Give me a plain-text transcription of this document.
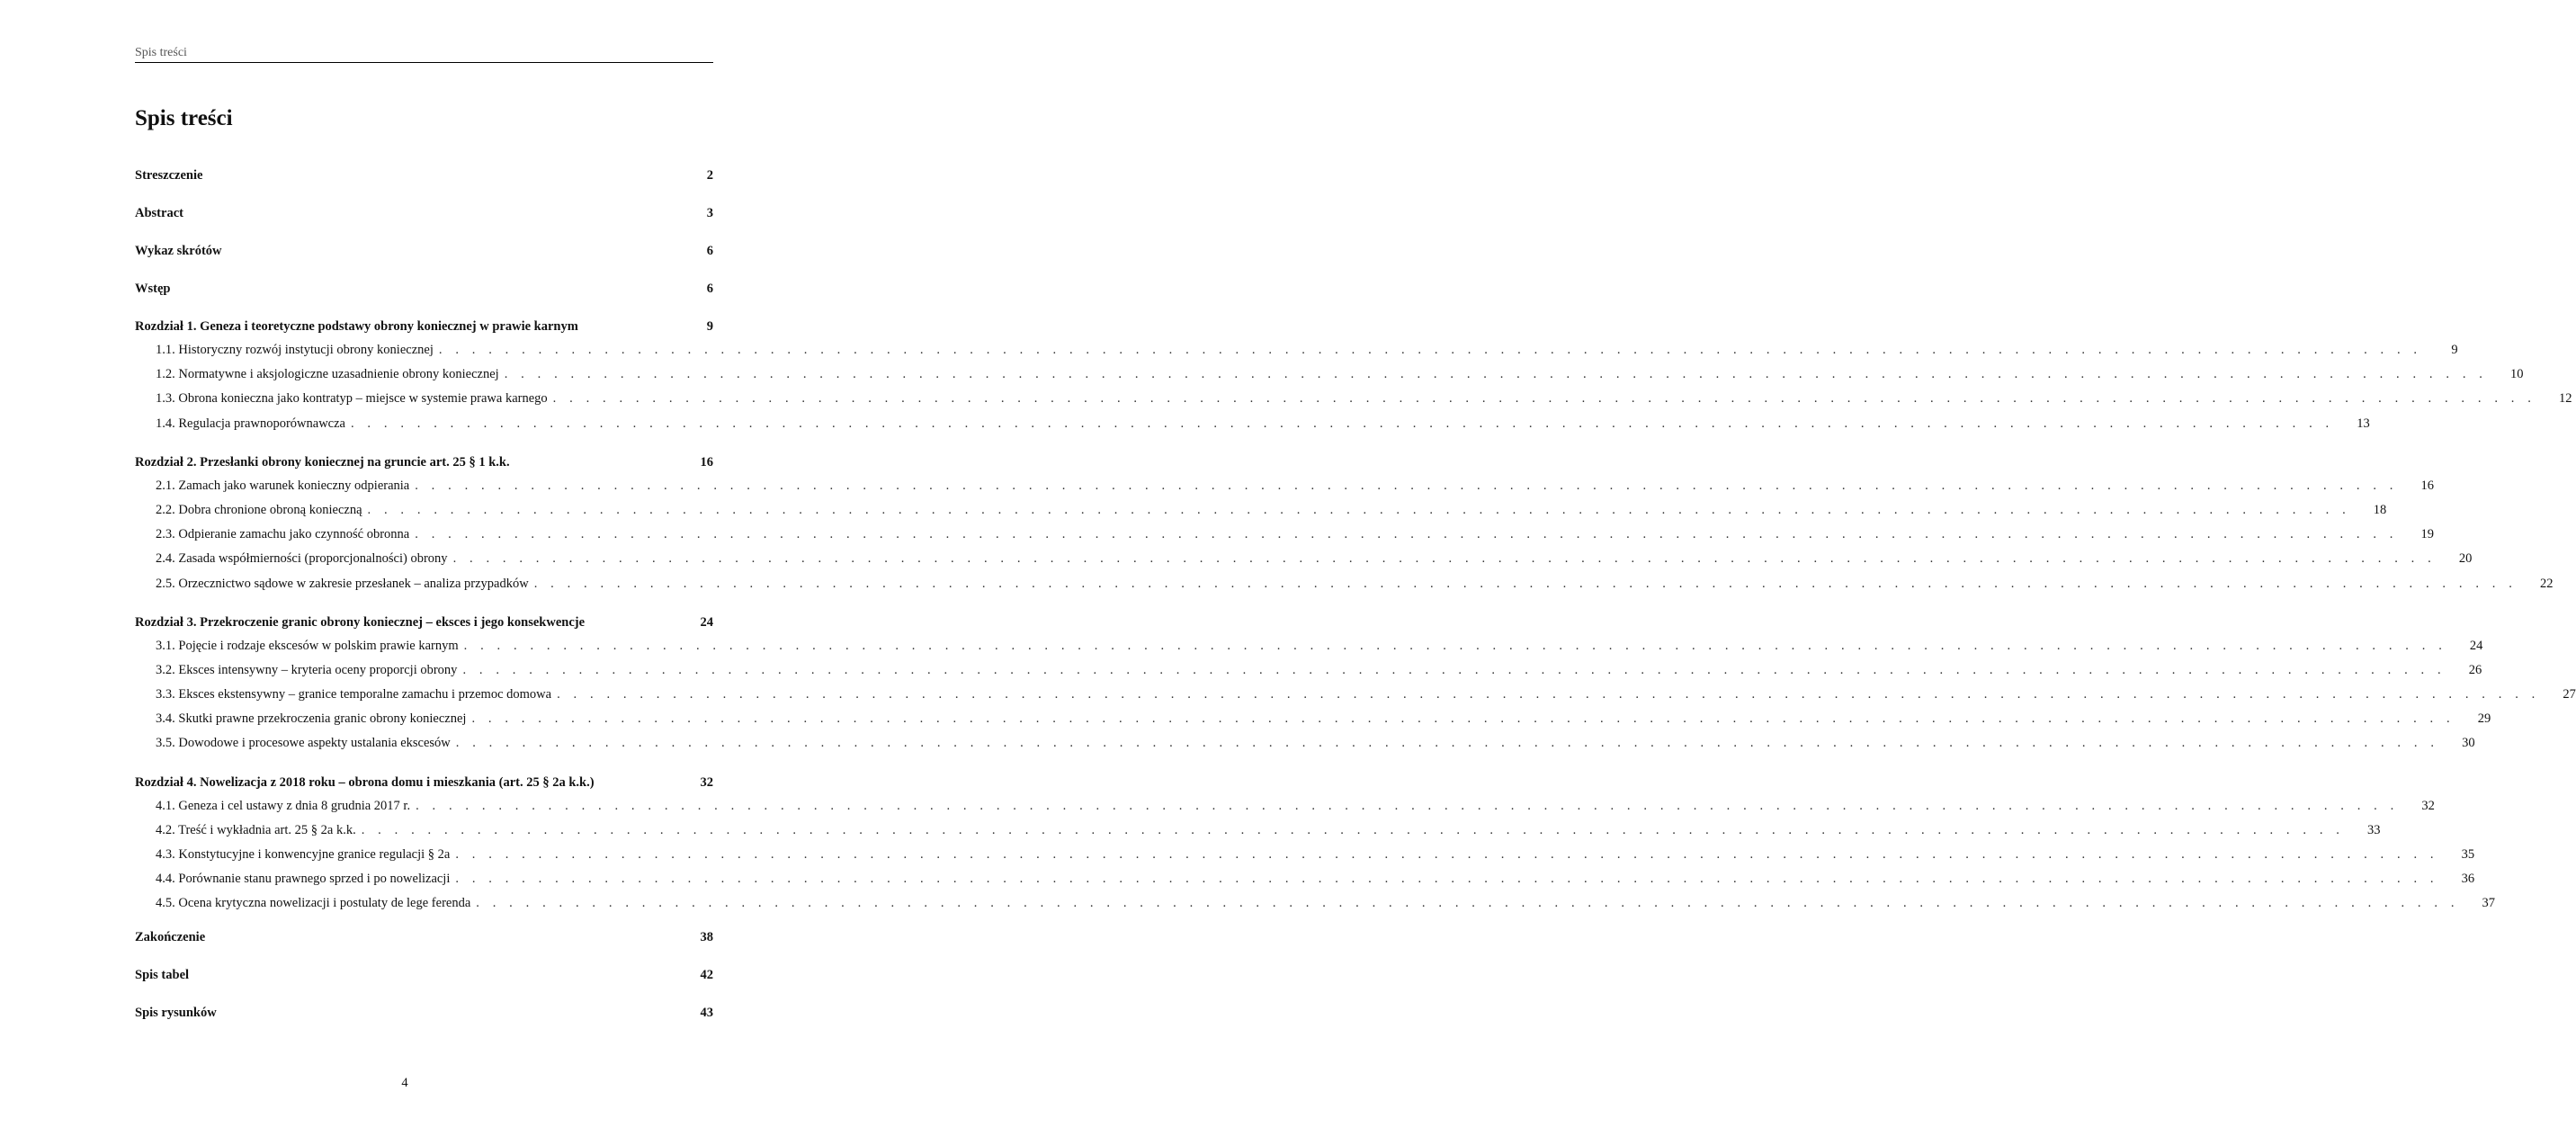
Spis treści
Spis treści
Streszczenie	2
Abstract	3
Wykaz skrótów	6
Wstęp	6
Rozdział 1. Geneza i teoretyczne podstawy obrony koniecznej w prawie karnym	9
1.1. Historyczny rozwój instytucji obrony koniecznej . . . . . . . . . . . . . . . . . . . . . . . . . . . . . . . . . . . . . . . . . . . . . . . . . . . . . . . . . . . . . . . . . . . . . . . . . . . . . . . . . . . . . . . . . . . . . . . . . . . . . . . . . . . . . . . . . . . . . . . .	9
1.2. Normatywne i aksjologiczne uzasadnienie obrony koniecznej . . . . . . . . . . . . . . . . . . . . . . . . . . . . . . . . . . . . . . . . . . . . . . . . . . . . . . . . . . . . . . . . . . . . . . . . . . . . . . . . . . . . . . . . . . . . . . . . . . . . . . . . . . . . . . . . . . . . . . . .	10
1.3. Obrona konieczna jako kontratyp – miejsce w systemie prawa karnego . . . . . . . . . . . . . . . . . . . . . . . . . . . . . . . . . . . . . . . . . . . . . . . . . . . . . . . . . . . . . . . . . . . . . . . . . . . . . . . . . . . . . . . . . . . . . . . . . . . . . . . . . . . . . . . . . . . . . . . .	12
1.4. Regulacja prawnoporównawcza . . . . . . . . . . . . . . . . . . . . . . . . . . . . . . . . . . . . . . . . . . . . . . . . . . . . . . . . . . . . . . . . . . . . . . . . . . . . . . . . . . . . . . . . . . . . . . . . . . . . . . . . . . . . . . . . . . . . . . . .	13
Rozdział 2. Przesłanki obrony koniecznej na gruncie art. 25 § 1 k.k.	16
2.1. Zamach jako warunek konieczny odpierania . . . . . . . . . . . . . . . . . . . . . . . . . . . . . . . . . . . . . . . . . . . . . . . . . . . . . . . . . . . . . . . . . . . . . . . . . . . . . . . . . . . . . . . . . . . . . . . . . . . . . . . . . . . . . . . . . . . . . . . .	16
2.2. Dobra chronione obroną konieczną . . . . . . . . . . . . . . . . . . . . . . . . . . . . . . . . . . . . . . . . . . . . . . . . . . . . . . . . . . . . . . . . . . . . . . . . . . . . . . . . . . . . . . . . . . . . . . . . . . . . . . . . . . . . . . . . . . . . . . . .	18
2.3. Odpieranie zamachu jako czynność obronna . . . . . . . . . . . . . . . . . . . . . . . . . . . . . . . . . . . . . . . . . . . . . . . . . . . . . . . . . . . . . . . . . . . . . . . . . . . . . . . . . . . . . . . . . . . . . . . . . . . . . . . . . . . . . . . . . . . . . . . .	19
2.4. Zasada współmierności (proporcjonalności) obrony . . . . . . . . . . . . . . . . . . . . . . . . . . . . . . . . . . . . . . . . . . . . . . . . . . . . . . . . . . . . . . . . . . . . . . . . . . . . . . . . . . . . . . . . . . . . . . . . . . . . . . . . . . . . . . . . . . . . . . . .	20
2.5. Orzecznictwo sądowe w zakresie przesłanek – analiza przypadków . . . . . . . . . . . . . . . . . . . . . . . . . . . . . . . . . . . . . . . . . . . . . . . . . . . . . . . . . . . . . . . . . . . . . . . . . . . . . . . . . . . . . . . . . . . . . . . . . . . . . . . . . . . . . . . . . . . . . . . .	22
Rozdział 3. Przekroczenie granic obrony koniecznej – eksces i jego konsekwencje	24
3.1. Pojęcie i rodzaje ekscesów w polskim prawie karnym . . . . . . . . . . . . . . . . . . . . . . . . . . . . . . . . . . . . . . . . . . . . . . . . . . . . . . . . . . . . . . . . . . . . . . . . . . . . . . . . . . . . . . . . . . . . . . . . . . . . . . . . . . . . . . . . . . . . . . . .	24
3.2. Eksces intensywny – kryteria oceny proporcji obrony . . . . . . . . . . . . . . . . . . . . . . . . . . . . . . . . . . . . . . . . . . . . . . . . . . . . . . . . . . . . . . . . . . . . . . . . . . . . . . . . . . . . . . . . . . . . . . . . . . . . . . . . . . . . . . . . . . . . . . . .	26
3.3. Eksces ekstensywny – granice temporalne zamachu i przemoc domowa . . . . . . . . . . . . . . . . . . . . . . . . . . . . . . . . . . . . . . . . . . . . . . . . . . . . . . . . . . . . . . . . . . . . . . . . . . . . . . . . . . . . . . . . . . . . . . . . . . . . . . . . . . . . . . . . . . . . . . . .	27
3.4. Skutki prawne przekroczenia granic obrony koniecznej . . . . . . . . . . . . . . . . . . . . . . . . . . . . . . . . . . . . . . . . . . . . . . . . . . . . . . . . . . . . . . . . . . . . . . . . . . . . . . . . . . . . . . . . . . . . . . . . . . . . . . . . . . . . . . . . . . . . . . . .	29
3.5. Dowodowe i procesowe aspekty ustalania ekscesów . . . . . . . . . . . . . . . . . . . . . . . . . . . . . . . . . . . . . . . . . . . . . . . . . . . . . . . . . . . . . . . . . . . . . . . . . . . . . . . . . . . . . . . . . . . . . . . . . . . . . . . . . . . . . . . . . . . . . . . .	30
Rozdział 4. Nowelizacja z 2018 roku – obrona domu i mieszkania (art. 25 § 2a k.k.)	32
4.1. Geneza i cel ustawy z dnia 8 grudnia 2017 r. . . . . . . . . . . . . . . . . . . . . . . . . . . . . . . . . . . . . . . . . . . . . . . . . . . . . . . . . . . . . . . . . . . . . . . . . . . . . . . . . . . . . . . . . . . . . . . . . . . . . . . . . . . . . . . . . . . . . . . . .	32
4.2. Treść i wykładnia art. 25 § 2a k.k. . . . . . . . . . . . . . . . . . . . . . . . . . . . . . . . . . . . . . . . . . . . . . . . . . . . . . . . . . . . . . . . . . . . . . . . . . . . . . . . . . . . . . . . . . . . . . . . . . . . . . . . . . . . . . . . . . . . . . . . .	33
4.3. Konstytucyjne i konwencyjne granice regulacji § 2a . . . . . . . . . . . . . . . . . . . . . . . . . . . . . . . . . . . . . . . . . . . . . . . . . . . . . . . . . . . . . . . . . . . . . . . . . . . . . . . . . . . . . . . . . . . . . . . . . . . . . . . . . . . . . . . . . . . . . . . .	35
4.4. Porównanie stanu prawnego sprzed i po nowelizacji . . . . . . . . . . . . . . . . . . . . . . . . . . . . . . . . . . . . . . . . . . . . . . . . . . . . . . . . . . . . . . . . . . . . . . . . . . . . . . . . . . . . . . . . . . . . . . . . . . . . . . . . . . . . . . . . . . . . . . . .	36
4.5. Ocena krytyczna nowelizacji i postulaty de lege ferenda . . . . . . . . . . . . . . . . . . . . . . . . . . . . . . . . . . . . . . . . . . . . . . . . . . . . . . . . . . . . . . . . . . . . . . . . . . . . . . . . . . . . . . . . . . . . . . . . . . . . . . . . . . . . . . . . . . . . . . . .	37
Zakończenie	38
Spis tabel	42
Spis rysunków	43
4
